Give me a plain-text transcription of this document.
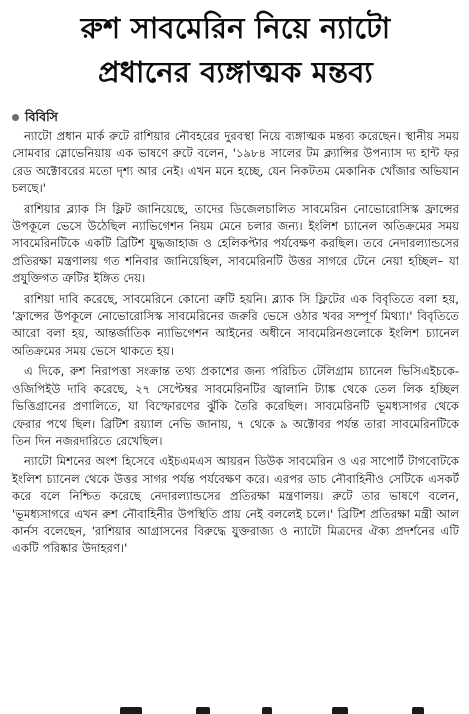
রুশ সাবমেরিন নিয়ে ন্যাটো
প্রধানের ব্যঙ্গাত্মক মন্তব্য
বিবিসি

ন্যাটো প্রধান মার্ক রুটে রাশিয়ার নৌবহরের দুরবস্থা নিয়ে ব্যঙ্গাত্মক মন্তব্য করেছেন। স্থানীয় সময় সোমবার স্লোভেনিয়ায় এক ভাষণে রুটে বলেন, '১৯৮৪ সালের টম ক্ল্যান্সির উপন্যাস দ্য হান্ট ফর রেড অক্টোবরের মতো দৃশ্য আর নেই। এখন মনে হচ্ছে, যেন নিকটতম মেকানিক খোঁজার অভিযান চলছে।'

রাশিয়ার ব্ল্যাক সি ফ্লিট জানিয়েছে, তাদের ডিজেলচালিত সাবমেরিন নোভোরোসিস্ক ফ্রান্সের উপকূলে ভেসে উঠেছিল ন্যাভিগেশন নিয়ম মেনে চলার জন্য। ইংলিশ চ্যানেল অতিক্রমের সময় সাবমেরিনটিকে একটি ব্রিটিশ যুদ্ধজাহাজ ও হেলিকপ্টার পর্যবেক্ষণ করছিল। তবে নেদারল্যান্ডসের প্রতিরক্ষা মন্ত্রণালয় গত শনিবার জানিয়েছিল, সাবমেরিনটি উত্তর সাগরে টেনে নেয়া হচ্ছিল– যা প্রযুক্তিগত ত্রুটির ইঙ্গিত দেয়।

রাশিয়া দাবি করেছে, সাবমেরিনে কোনো ত্রুটি হয়নি। ব্ল্যাক সি ফ্লিটের এক বিবৃতিতে বলা হয়, 'ফ্রান্সের উপকূলে নোভোরোসিস্ক সাবমেরিনের জরুরি ভেসে ওঠার খবর সম্পূর্ণ মিথ্যা।' বিবৃতিতে আরো বলা হয়, আন্তর্জাতিক ন্যাভিগেশন আইনের অধীনে সাবমেরিনগুলোকে ইংলিশ চ্যানেল অতিক্রমের সময় ভেসে থাকতে হয়।

এ দিকে, রুশ নিরাপত্তা সংক্রান্ত তথ্য প্রকাশের জন্য পরিচিত টেলিগ্রাম চ্যানেল ভিসিএইচকে-ওজিপিইউ দাবি করেছে, ২৭ সেপ্টেম্বর সাবমেরিনটির জ্বালানি ট্যাঙ্ক থেকে তেল লিক হচ্ছিল ভিত্তিগ্রানের প্রণালিতে, যা বিস্ফোরণের ঝুঁকি তৈরি করেছিল। সাবমেরিনটি ভূমধ্যসাগর থেকে ফেরার পথে ছিল। ব্রিটিশ রয়্যাল নেভি জানায়, ৭ থেকে ৯ অক্টোবর পর্যন্ত তারা সাবমেরিনটিকে তিন দিন নজরদারিতে রেখেছিল।

ন্যাটো মিশনের অংশ হিসেবে এইচএমএস আয়রন ডিউক সাবমেরিন ও এর সাপোর্ট টাগবোটকে ইংলিশ চ্যানেল থেকে উত্তর সাগর পর্যন্ত পর্যবেক্ষণ করে। এরপর ডাচ নৌবাহিনীও সেটিকে এসকর্ট করে বলে নিশ্চিত করেছে নেদারল্যান্ডসের প্রতিরক্ষা মন্ত্রণালয়। রুটে তার ভাষণে বলেন, 'ভূমধ্যসাগরে এখন রুশ নৌবাহিনীর উপস্থিতি প্রায় নেই বললেই চলে।' ব্রিটিশ প্রতিরক্ষা মন্ত্রী আল কার্নস বলেছেন, 'রাশিয়ার আগ্রাসনের বিরুদ্ধে যুক্তরাজ্য ও ন্যাটো মিত্রদের ঐক্য প্রদর্শনের এটি একটি পরিষ্কার উদাহরণ।'
